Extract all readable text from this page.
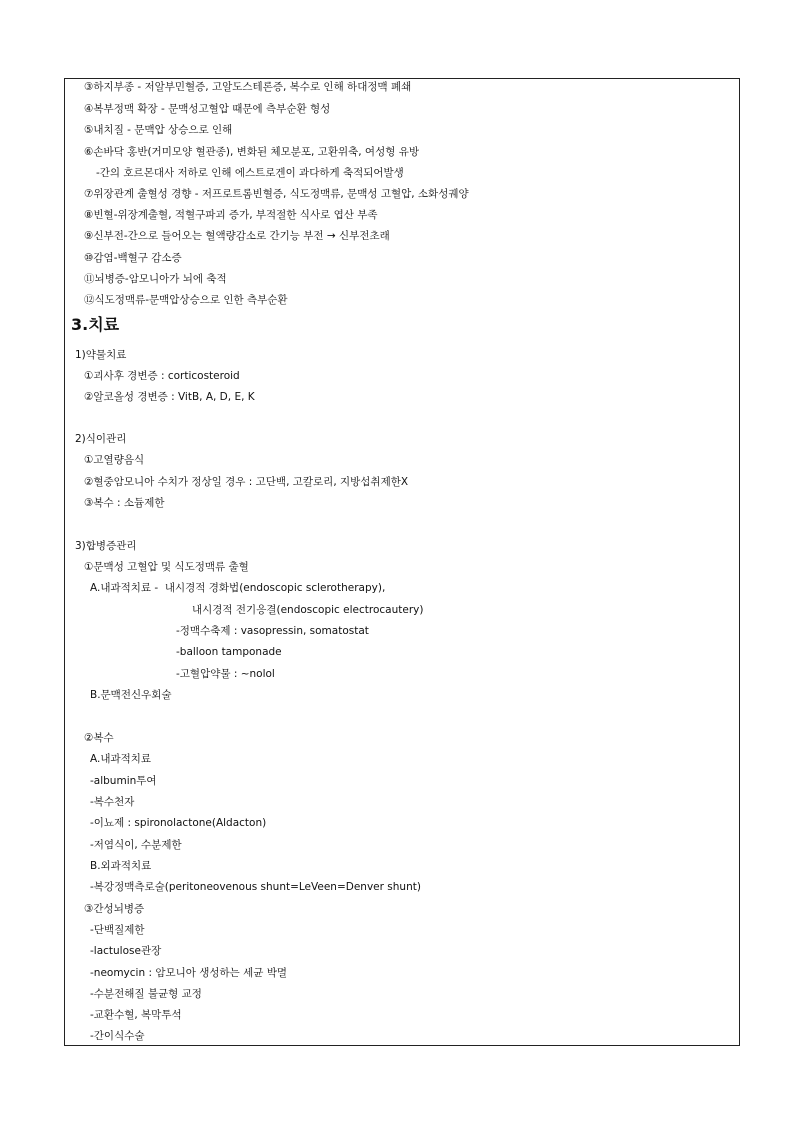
③하지부종 - 저알부민혈증, 고알도스테론증, 복수로 인해 하대정맥 폐쇄
④복부정맥 확장 - 문맥성고혈압 때문에 측부순환 형성
⑤내치질 - 문맥압 상승으로 인해
⑥손바닥 홍반(거미모양 혈관종), 변화된 체모분포, 고환위축, 여성형 유방
-간의 호르몬대사 저하로 인해 에스트로겐이 과다하게 축적되어발생
⑦위장관계 출혈성 경향 - 저프로트롬빈혈증, 식도정맥류, 문맥성 고혈압, 소화성궤양
⑧빈혈-위장계출혈, 적혈구파괴 증가, 부적절한 식사로 엽산 부족
⑨신부전-간으로 들어오는 혈액량감소로 간기능 부전 → 신부전초래
⑩감염-백혈구 감소증
⑪뇌병증-암모니아가 뇌에 축적
⑫식도정맥류-문맥압상승으로 인한 측부순환
3.치료
1)약물치료
①괴사후 경변증 : corticosteroid
②알코올성 경변증 : VitB, A, D, E, K
2)식이관리
①고열량음식
②혈중암모니아 수치가 정상일 경우 : 고단백, 고칼로리, 지방섭취제한X
③복수 : 소듐제한
3)합병증관리
①문맥성 고혈압 및 식도정맥류 출혈
A.내과적치료 -  내시경적 경화법(endoscopic sclerotherapy),
내시경적 전기응결(endoscopic electrocautery)
-정맥수축제 : vasopressin, somatostat
-balloon tamponade
-고혈압약물 : ~nolol
B.문맥전신우회술
②복수
A.내과적치료
-albumin투여
-복수천자
-이뇨제 : spironolactone(Aldacton)
-저염식이, 수분제한
B.외과적치료
-복강정맥측로술(peritoneovenous shunt=LeVeen=Denver shunt)
③간성뇌병증
-단백질제한
-lactulose관장
-neomycin : 암모니아 생성하는 세균 박멸
-수분전해질 불균형 교정
-교환수혈, 복막투석
-간이식수술
